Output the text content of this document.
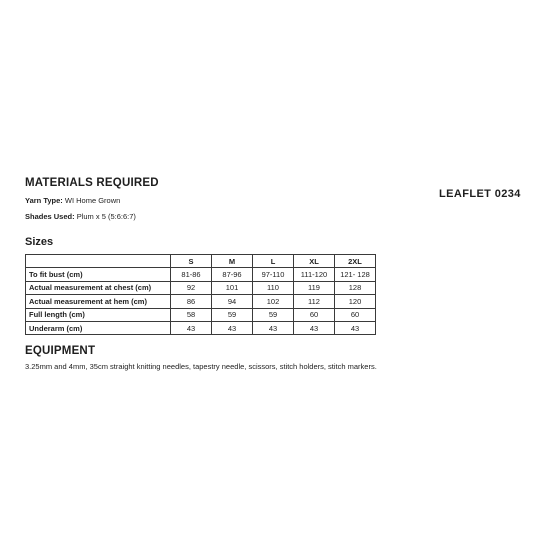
MATERIALS REQUIRED
LEAFLET 0234
Yarn Type: WI Home Grown
Shades Used: Plum x 5 (5:6:6:7)
Sizes
	S	M	L	XL	2XL
To fit bust (cm)	81-86	87-96	97-110	111-120	121- 128
Actual measurement at chest (cm)	92	101	110	119	128
Actual measurement at hem (cm)	86	94	102	112	120
Full length (cm)	58	59	59	60	60
Underarm (cm)	43	43	43	43	43
EQUIPMENT
3.25mm and 4mm, 35cm straight knitting needles, tapestry needle, scissors, stitch holders, stitch markers.
